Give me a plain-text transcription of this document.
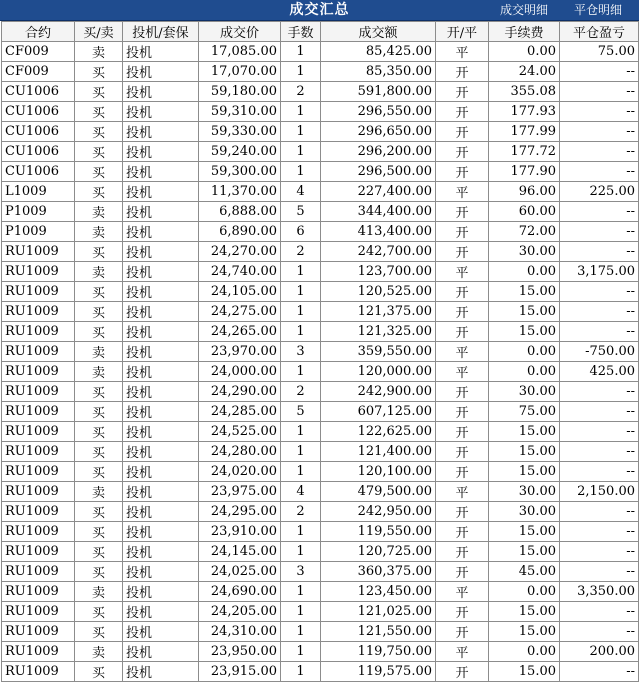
成交汇总	成交明细 平仓明细
合约	买/卖	投机/套保	成交价	手数	成交额	开/平	手续费	平仓盈亏
CF009	卖	投机	17,085.00	1	85,425.00	平	0.00	75.00
CF009	买	投机	17,070.00	1	85,350.00	开	24.00	--
CU1006	买	投机	59,180.00	2	591,800.00	开	355.08	--
CU1006	买	投机	59,310.00	1	296,550.00	开	177.93	--
CU1006	买	投机	59,330.00	1	296,650.00	开	177.99	--
CU1006	买	投机	59,240.00	1	296,200.00	开	177.72	--
CU1006	买	投机	59,300.00	1	296,500.00	开	177.90	--
L1009	买	投机	11,370.00	4	227,400.00	平	96.00	225.00
P1009	卖	投机	6,888.00	5	344,400.00	开	60.00	--
P1009	卖	投机	6,890.00	6	413,400.00	开	72.00	--
RU1009	买	投机	24,270.00	2	242,700.00	开	30.00	--
RU1009	卖	投机	24,740.00	1	123,700.00	平	0.00	3,175.00
RU1009	买	投机	24,105.00	1	120,525.00	开	15.00	--
RU1009	买	投机	24,275.00	1	121,375.00	开	15.00	--
RU1009	买	投机	24,265.00	1	121,325.00	开	15.00	--
RU1009	卖	投机	23,970.00	3	359,550.00	平	0.00	-750.00
RU1009	卖	投机	24,000.00	1	120,000.00	平	0.00	425.00
RU1009	买	投机	24,290.00	2	242,900.00	开	30.00	--
RU1009	买	投机	24,285.00	5	607,125.00	开	75.00	--
RU1009	买	投机	24,525.00	1	122,625.00	开	15.00	--
RU1009	买	投机	24,280.00	1	121,400.00	开	15.00	--
RU1009	买	投机	24,020.00	1	120,100.00	开	15.00	--
RU1009	卖	投机	23,975.00	4	479,500.00	平	30.00	2,150.00
RU1009	买	投机	24,295.00	2	242,950.00	开	30.00	--
RU1009	买	投机	23,910.00	1	119,550.00	开	15.00	--
RU1009	买	投机	24,145.00	1	120,725.00	开	15.00	--
RU1009	买	投机	24,025.00	3	360,375.00	开	45.00	--
RU1009	卖	投机	24,690.00	1	123,450.00	平	0.00	3,350.00
RU1009	买	投机	24,205.00	1	121,025.00	开	15.00	--
RU1009	买	投机	24,310.00	1	121,550.00	开	15.00	--
RU1009	卖	投机	23,950.00	1	119,750.00	平	0.00	200.00
RU1009	买	投机	23,915.00	1	119,575.00	开	15.00	--
